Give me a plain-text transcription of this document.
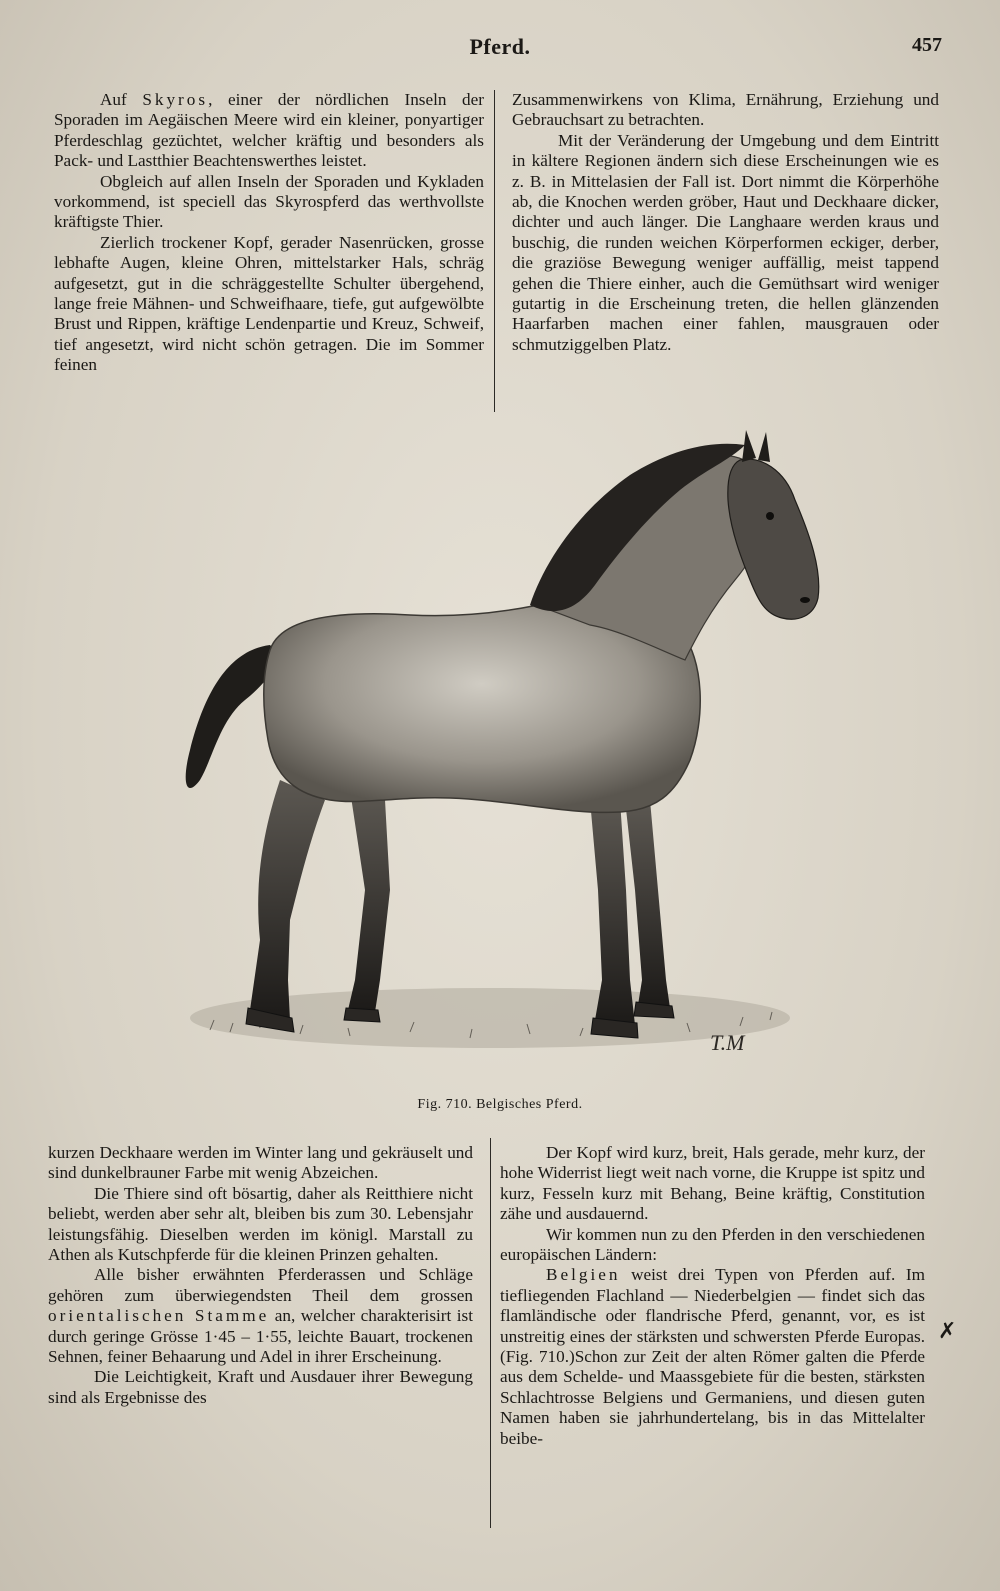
Pferd.	457

Auf Skyros, einer der nördlichen Inseln der Sporaden im Aegäischen Meere wird ein kleiner, ponyartiger Pferdeschlag gezüchtet, welcher kräftig und besonders als Pack- und Lastthier Beachtenswerthes leistet.

Obgleich auf allen Inseln der Sporaden und Kykladen vorkommend, ist speciell das Skyrospferd das werthvollste kräftigste Thier.

Zierlich trockener Kopf, gerader Nasenrücken, grosse lebhafte Augen, kleine Ohren, mittelstarker Hals, schräg aufgesetzt, gut in die schräggestellte Schulter übergehend, lange freie Mähnen- und Schweifhaare, tiefe, gut aufgewölbte Brust und Rippen, kräftige Lendenpartie und Kreuz, Schweif, tief angesetzt, wird nicht schön getragen. Die im Sommer feinen

Zusammenwirkens von Klima, Ernährung, Erziehung und Gebrauchsart zu betrachten.

Mit der Veränderung der Umgebung und dem Eintritt in kältere Regionen ändern sich diese Erscheinungen wie es z. B. in Mittelasien der Fall ist. Dort nimmt die Körperhöhe ab, die Knochen werden gröber, Haut und Deckhaare dicker, dichter und auch länger. Die Langhaare werden kraus und buschig, die runden weichen Körperformen eckiger, derber, die graziöse Bewegung weniger auffällig, meist tappend gehen die Thiere einher, auch die Gemüthsart wird weniger gutartig in die Erscheinung treten, die hellen glänzenden Haarfarben machen einer fahlen, mausgrauen oder schmutziggelben Platz.

T.M
Fig. 710. Belgisches Pferd.

kurzen Deckhaare werden im Winter lang und gekräuselt und sind dunkelbrauner Farbe mit wenig Abzeichen.

Die Thiere sind oft bösartig, daher als Reitthiere nicht beliebt, werden aber sehr alt, bleiben bis zum 30. Lebensjahr leistungsfähig. Dieselben werden im königl. Marstall zu Athen als Kutschpferde für die kleinen Prinzen gehalten.

Alle bisher erwähnten Pferderassen und Schläge gehören zum überwiegendsten Theil dem grossen orientalischen Stamme an, welcher charakterisirt ist durch geringe Grösse 1·45 – 1·55, leichte Bauart, trockenen Sehnen, feiner Behaarung und Adel in ihrer Erscheinung.

Die Leichtigkeit, Kraft und Ausdauer ihrer Bewegung sind als Ergebnisse des

Der Kopf wird kurz, breit, Hals gerade, mehr kurz, der hohe Widerrist liegt weit nach vorne, die Kruppe ist spitz und kurz, Fesseln kurz mit Behang, Beine kräftig, Constitution zähe und ausdauernd.

Wir kommen nun zu den Pferden in den verschiedenen europäischen Ländern:

Belgien weist drei Typen von Pferden auf. Im tiefliegenden Flachland — Niederbelgien — findet sich das flamländische oder flandrische Pferd, genannt, vor, es ist unstreitig eines der stärksten und schwersten Pferde Europas. (Fig. 710.)Schon zur Zeit der alten Römer galten die Pferde aus dem Schelde- und Maassgebiete für die besten, stärksten Schlachtrosse Belgiens und Germaniens, und diesen guten Namen haben sie jahrhundertelang, bis in das Mittelalter beibe-

✗
